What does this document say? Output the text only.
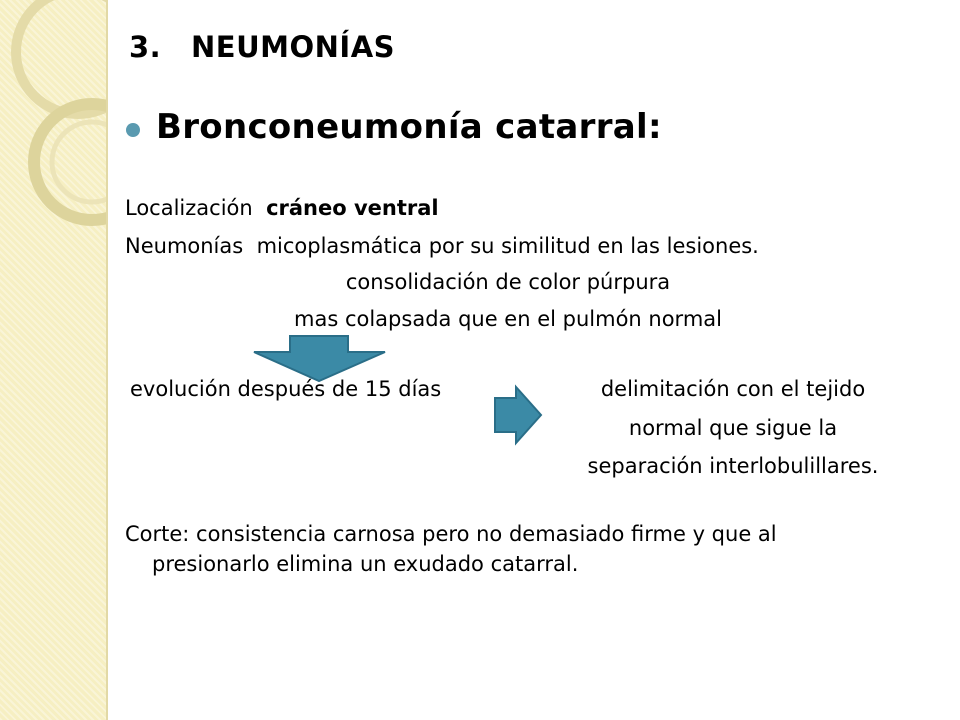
3. NEUMONÍAS
Bronconeumonía catarral:
Localización cráneo ventral
Neumonías micoplasmática por su similitud en las lesiones.
consolidación de color púrpura
mas colapsada que en el pulmón normal
evolución después de 15 días	delimitación con el tejido
normal que sigue la
separación interlobulillares.
Corte: consistencia carnosa pero no demasiado firme y que al
presionarlo elimina un exudado catarral.
